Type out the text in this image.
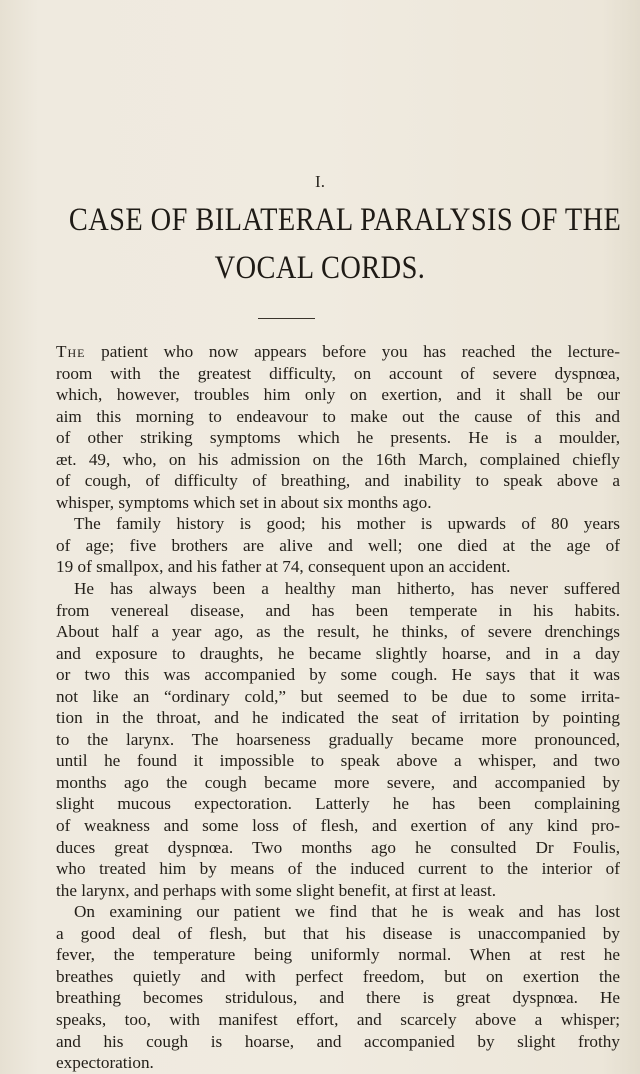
I.
CASE OF BILATERAL PARALYSIS OF THE
VOCAL CORDS.
The patient who now appears before you has reached the lecture-
room with the greatest difficulty, on account of severe dyspnœa,
which, however, troubles him only on exertion, and it shall be our
aim this morning to endeavour to make out the cause of this and
of other striking symptoms which he presents. He is a moulder,
æt. 49, who, on his admission on the 16th March, complained chiefly
of cough, of difficulty of breathing, and inability to speak above a
whisper, symptoms which set in about six months ago.
The family history is good; his mother is upwards of 80 years
of age; five brothers are alive and well; one died at the age of
19 of smallpox, and his father at 74, consequent upon an accident.
He has always been a healthy man hitherto, has never suffered
from venereal disease, and has been temperate in his habits.
About half a year ago, as the result, he thinks, of severe drenchings
and exposure to draughts, he became slightly hoarse, and in a day
or two this was accompanied by some cough. He says that it was
not like an “ordinary cold,” but seemed to be due to some irrita-
tion in the throat, and he indicated the seat of irritation by pointing
to the larynx. The hoarseness gradually became more pronounced,
until he found it impossible to speak above a whisper, and two
months ago the cough became more severe, and accompanied by
slight mucous expectoration. Latterly he has been complaining
of weakness and some loss of flesh, and exertion of any kind pro-
duces great dyspnœa. Two months ago he consulted Dr Foulis,
who treated him by means of the induced current to the interior of
the larynx, and perhaps with some slight benefit, at first at least.
On examining our patient we find that he is weak and has lost
a good deal of flesh, but that his disease is unaccompanied by
fever, the temperature being uniformly normal. When at rest he
breathes quietly and with perfect freedom, but on exertion the
breathing becomes stridulous, and there is great dyspnœa. He
speaks, too, with manifest effort, and scarcely above a whisper;
and his cough is hoarse, and accompanied by slight frothy
expectoration.
